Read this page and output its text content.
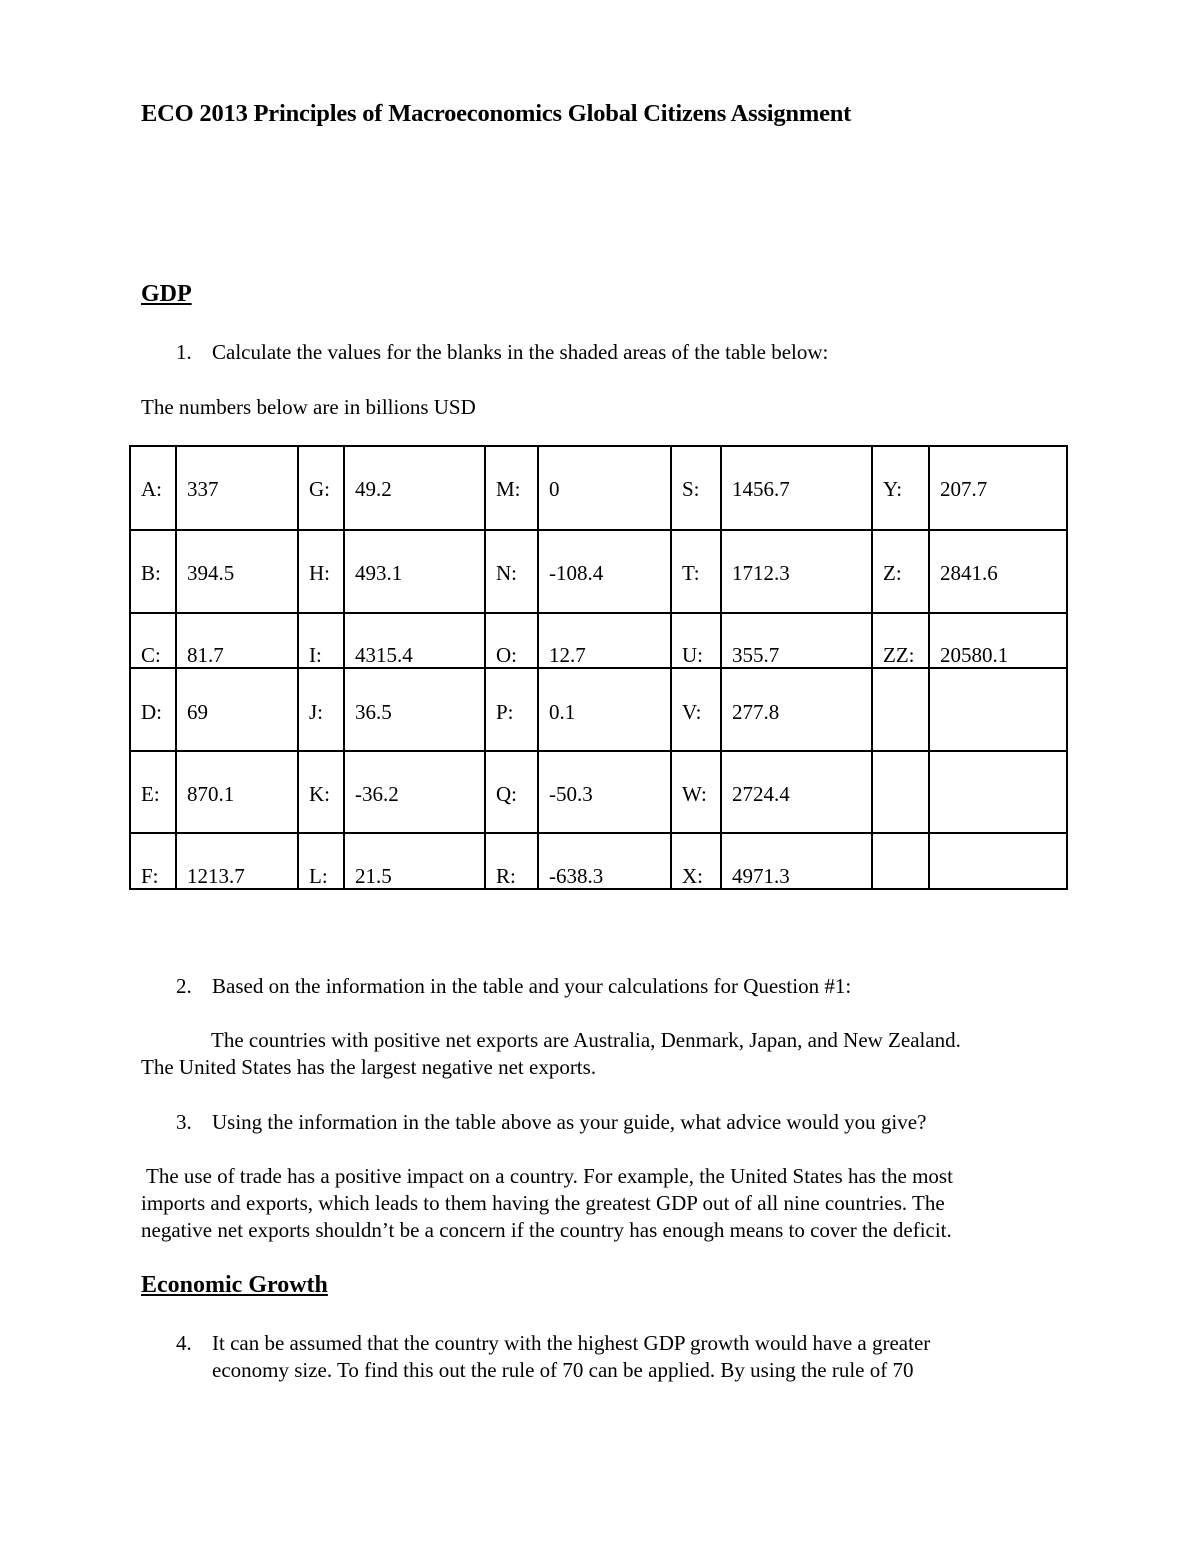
ECO 2013 Principles of Macroeconomics Global Citizens Assignment
GDP

1. Calculate the values for the blanks in the shaded areas of the table below:

The numbers below are in billions USD

A:	337	G:	49.2	M:	0	S:	1456.7	Y:	207.7
B:	394.5	H:	493.1	N:	-108.4	T:	1712.3	Z:	2841.6
C:	81.7	I:	4315.4	O:	12.7	U:	355.7	ZZ:	20580.1
D:	69	J:	36.5	P:	0.1	V:	277.8		
E:	870.1	K:	-36.2	Q:	-50.3	W:	2724.4		
F:	1213.7	L:	21.5	R:	-638.3	X:	4971.3		

2. Based on the information in the table and your calculations for Question #1:

The countries with positive net exports are Australia, Denmark, Japan, and New Zealand.

The United States has the largest negative net exports.

3. Using the information in the table above as your guide, what advice would you give?

The use of trade has a positive impact on a country. For example, the United States has the most

imports and exports, which leads to them having the greatest GDP out of all nine countries. The

negative net exports shouldn’t be a concern if the country has enough means to cover the deficit.

Economic Growth

4. It can be assumed that the country with the highest GDP growth would have a greater

economy size. To find this out the rule of 70 can be applied. By using the rule of 70
